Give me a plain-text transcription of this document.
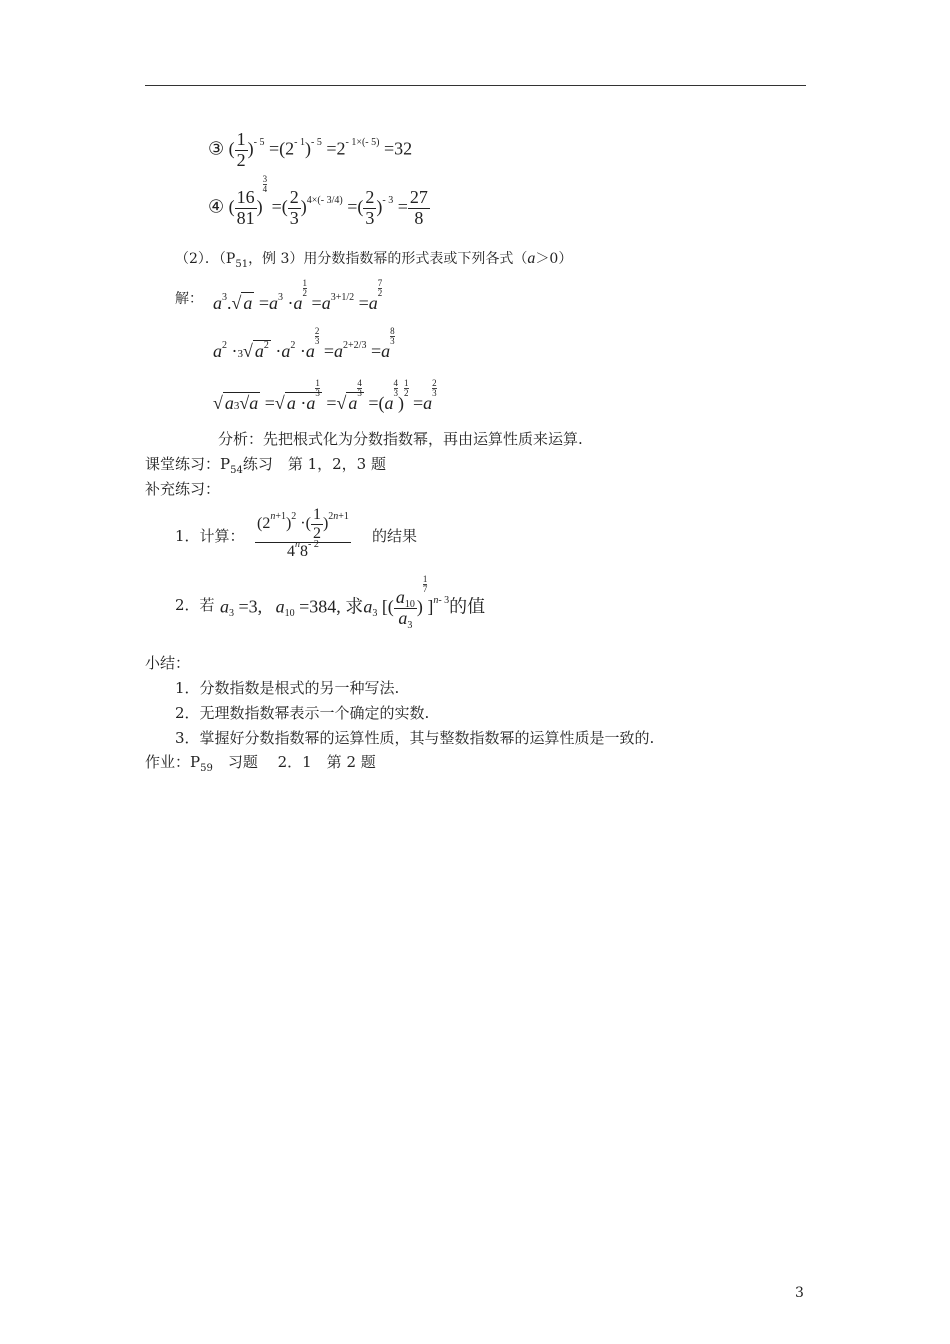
③ ( $\frac{1}{2} )^{- 5} =(2^{- 1})^{- 5} =2^{- 1\times(- 5)} =32$
④ ( $\frac{16}{81}$ )
$\frac{3}{4}$
=( $\frac{2}{3} )^{4\times(- 3/4)}$ =( $\frac{2}{3} )^{- 3} = \frac{27}{8}$
（2）．（$P_{51}$，例 3）用分数指数幂的形式表或下列各式（a＞0）
解： $a^3.√$ $a =a^3 \cdot a$
$\frac{1}{2}$
$=a^{3+1/2} =a$
$\frac{7}{2}$
$a^2 \cdot 3√$ $a^2 \cdot a^2 \cdot a$
$\frac{2}{3}$
$=a^{2+2/3} =a$
$\frac{8}{3}$
√ a3√a =√ a ·a
$\frac{1}{3}$
=√ a
$\frac{4}{3}$
=(a
$\frac{4}{3}$
)
$\frac{1}{2}$
=a
$\frac{2}{3}$
分析：先把根式化为分数指数幂，再由运算性质来运算.
课堂练习：$P_{54}$练习　第 1，2，3 题
补充练习：
1．计算： $\frac{(2^{n+1})^2 \cdot( \frac{1}{2} )^{2n+1}}{4^n8^{- 2}}$ 的结果
2．若 $a_3 =3$,   $a_{10} =384$, 求$a_3$ [( $\frac{a_{10}}{a_3}$ )
$\frac{1}{7}$
]$^{n- 3}$的值
小结：
1．分数指数是根式的另一种写法.
2．无理数指数幂表示一个确定的实数.
3．掌握好分数指数幂的运算性质，其与整数指数幂的运算性质是一致的.
作业：$P_{59}$　习题　 2．1　第 2 题
3
